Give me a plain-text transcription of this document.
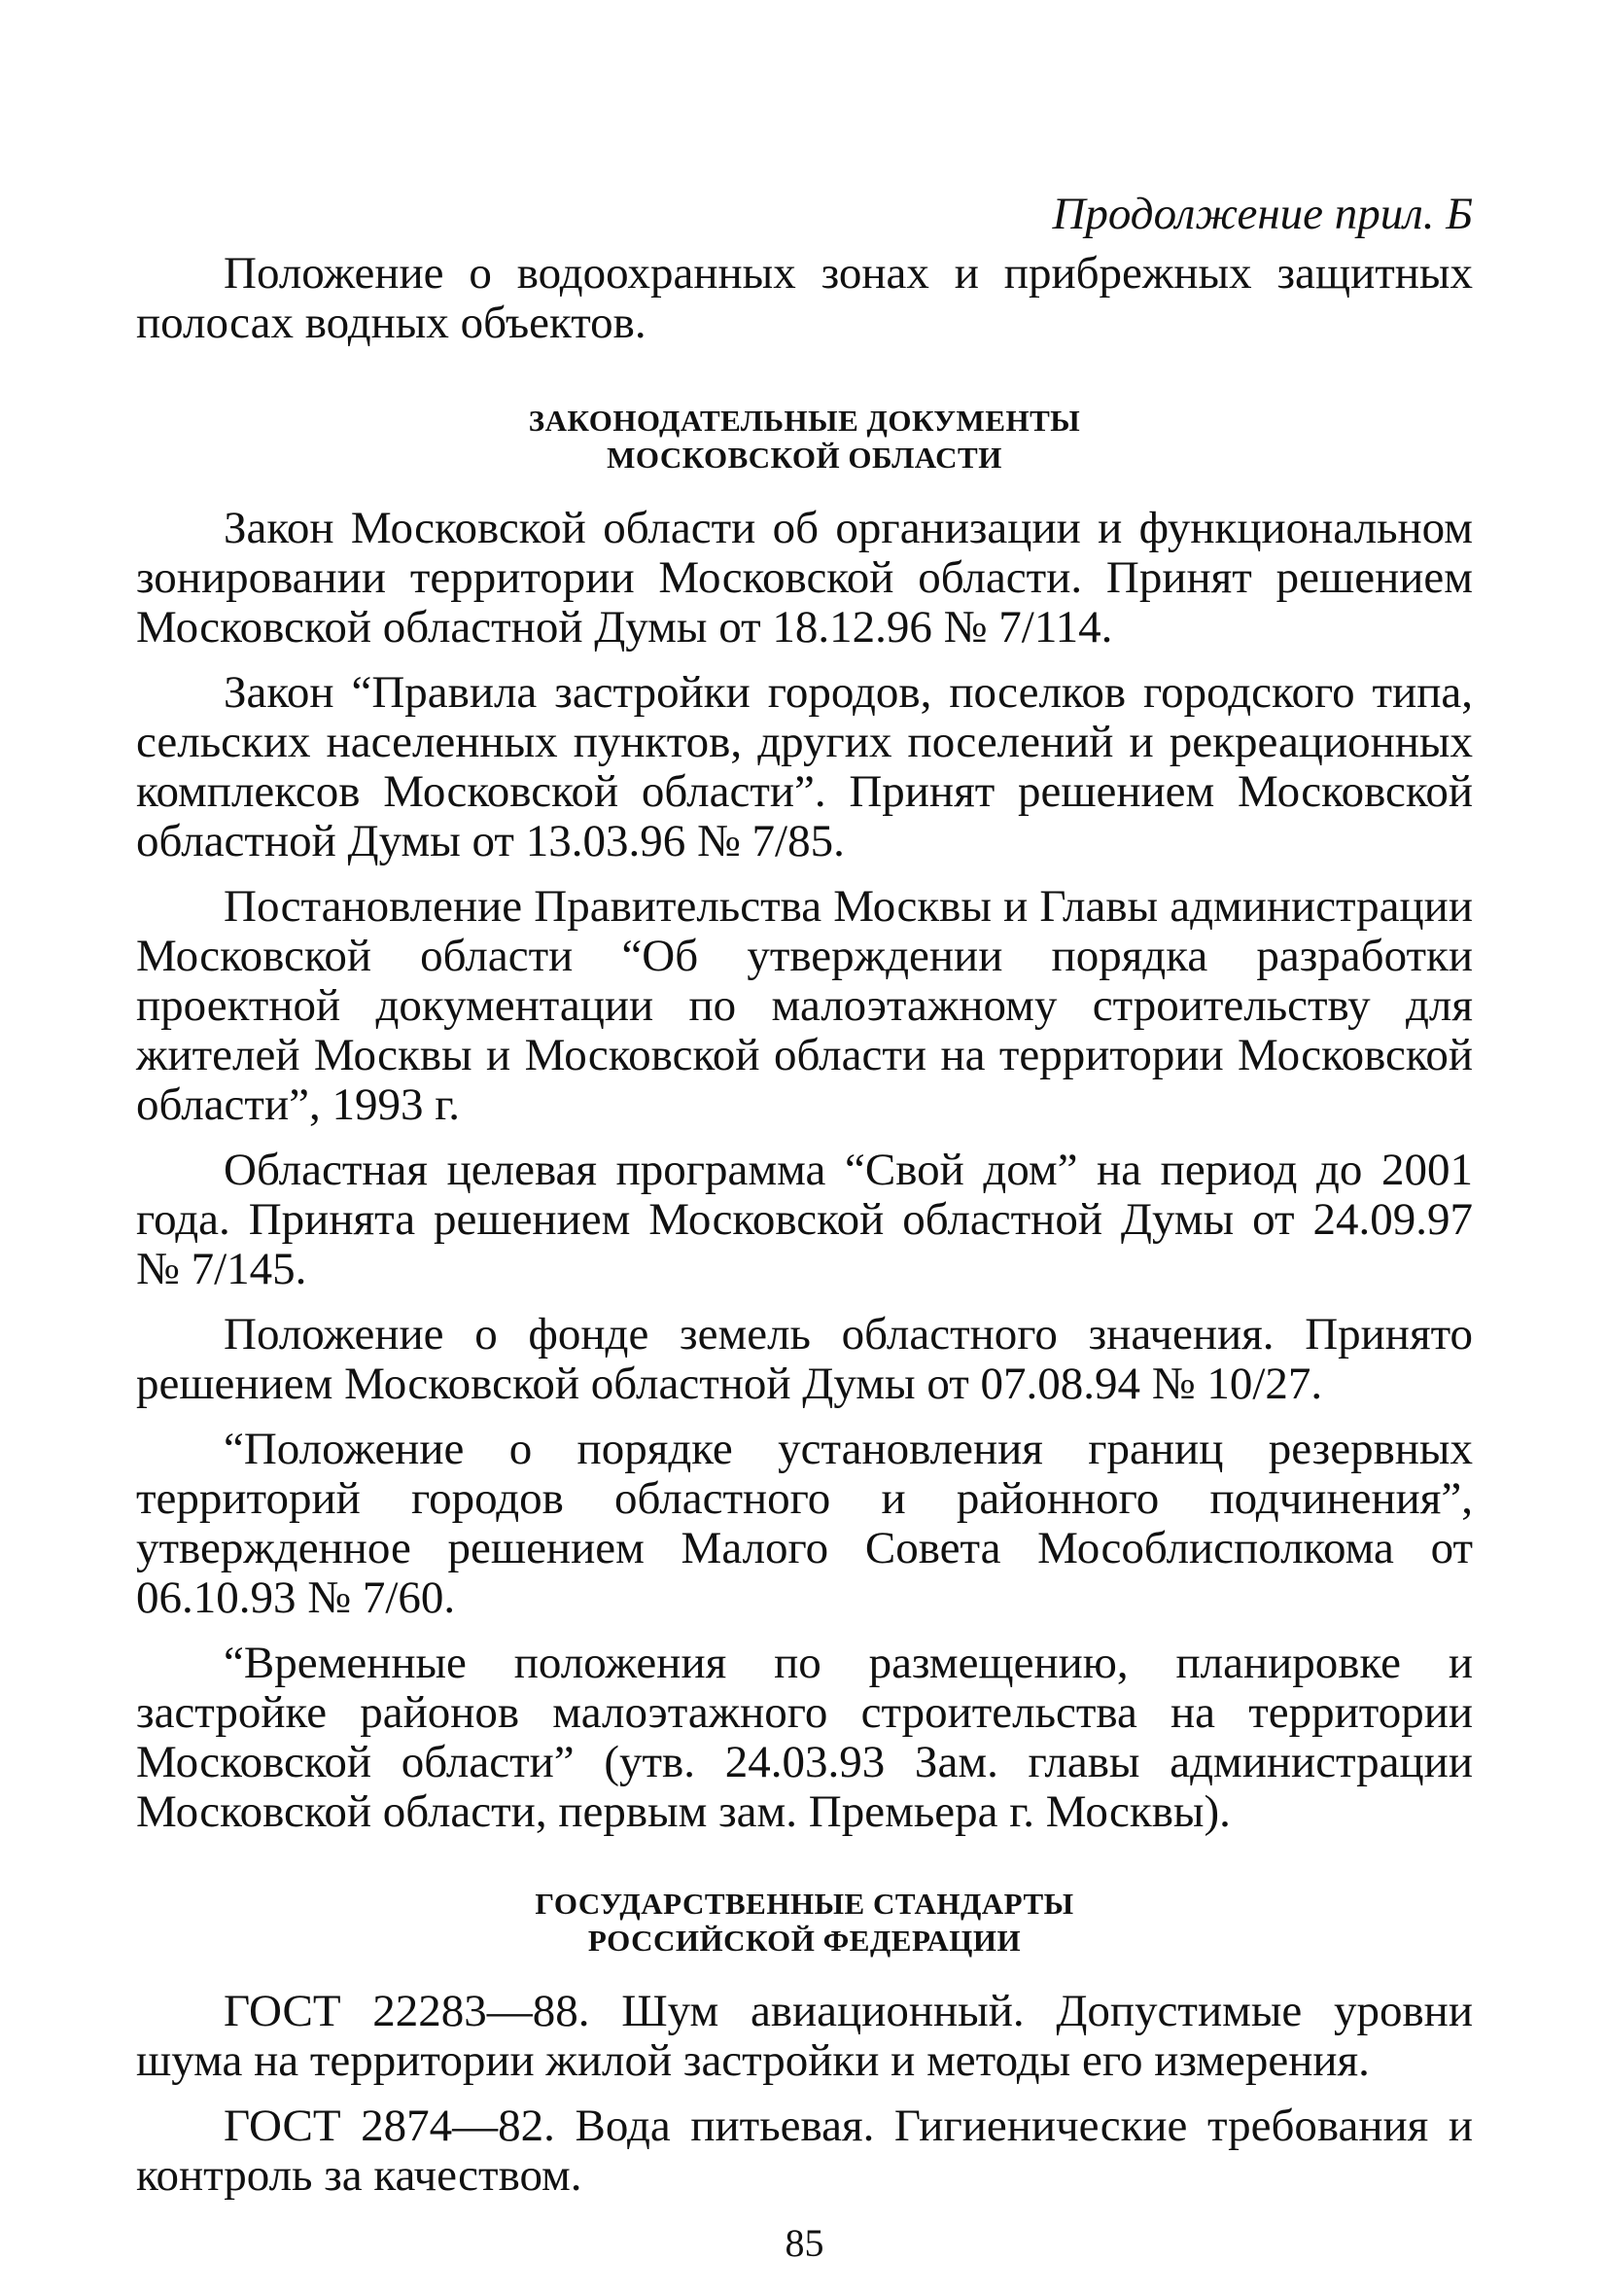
Продолжение прил. Б

Положение о водоохранных зонах и прибрежных защитных полосах водных объектов.

ЗАКОНОДАТЕЛЬНЫЕ ДОКУМЕНТЫ
МОСКОВСКОЙ ОБЛАСТИ

Закон Московской области об организации и функциональном зонировании территории Московской области. Принят решением Московской областной Думы от 18.12.96 № 7/114.

Закон “Правила застройки городов, поселков городского типа, сельских населенных пунктов, других поселений и рекреационных комплексов Московской области”. Принят решением Московской областной Думы от 13.03.96 № 7/85.

Постановление Правительства Москвы и Главы администрации Московской области “Об утверждении порядка разработки проектной документации по малоэтажному строительству для жителей Москвы и Московской области на территории Московской области”, 1993 г.

Областная целевая программа “Свой дом” на период до 2001 года. Принята решением Московской областной Думы от 24.09.97 № 7/145.

Положение о фонде земель областного значения. Принято решением Московской областной Думы от 07.08.94 № 10/27.

“Положение о порядке установления границ резервных территорий городов областного и районного подчинения”, утвержденное решением Малого Совета Мособлисполкома от 06.10.93 № 7/60.

“Временные положения по размещению, планировке и застройке районов малоэтажного строительства на территории Московской области” (утв. 24.03.93 Зам. главы администрации Московской области, первым зам. Премьера г. Москвы).

ГОСУДАРСТВЕННЫЕ СТАНДАРТЫ
РОССИЙСКОЙ ФЕДЕРАЦИИ

ГОСТ 22283—88. Шум авиационный. Допустимые уровни шума на территории жилой застройки и методы его измерения.

ГОСТ 2874—82. Вода питьевая. Гигиенические требования и контроль за качеством.

85
